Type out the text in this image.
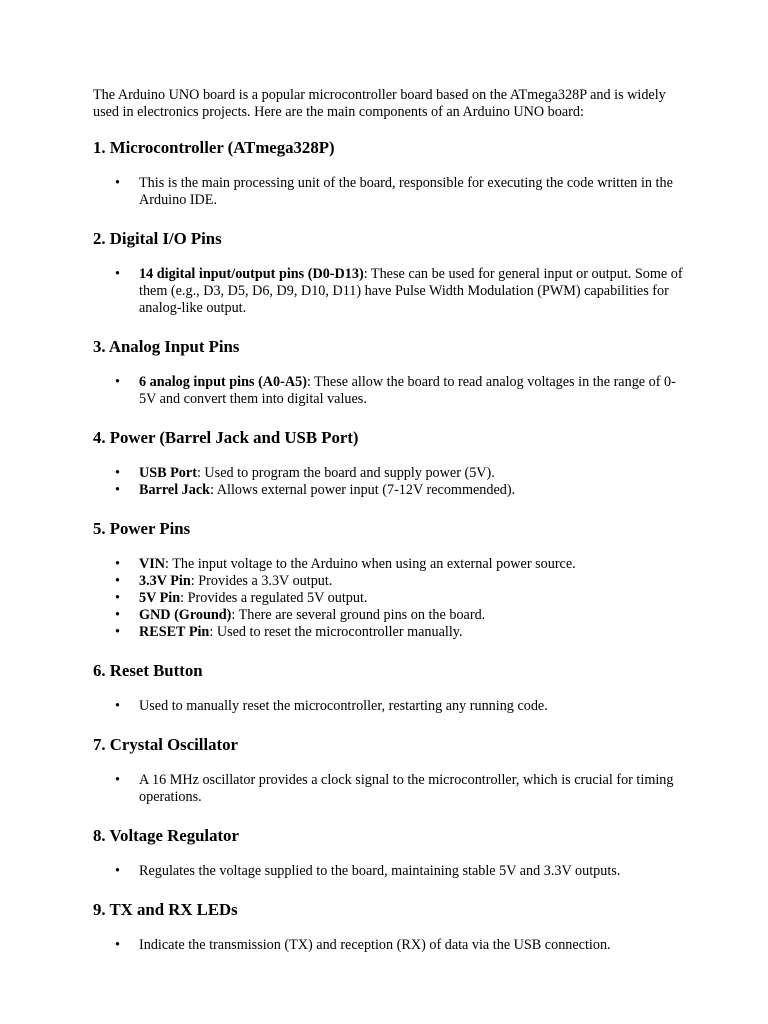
The Arduino UNO board is a popular microcontroller board based on the ATmega328P and is widely used in electronics projects. Here are the main components of an Arduino UNO board:

1. Microcontroller (ATmega328P)
• This is the main processing unit of the board, responsible for executing the code written in the Arduino IDE.
2. Digital I/O Pins
• 14 digital input/output pins (D0-D13): These can be used for general input or output. Some of them (e.g., D3, D5, D6, D9, D10, D11) have Pulse Width Modulation (PWM) capabilities for analog-like output.
3. Analog Input Pins
• 6 analog input pins (A0-A5): These allow the board to read analog voltages in the range of 0-5V and convert them into digital values.
4. Power (Barrel Jack and USB Port)
• USB Port: Used to program the board and supply power (5V).
• Barrel Jack: Allows external power input (7-12V recommended).
5. Power Pins
• VIN: The input voltage to the Arduino when using an external power source.
• 3.3V Pin: Provides a 3.3V output.
• 5V Pin: Provides a regulated 5V output.
• GND (Ground): There are several ground pins on the board.
• RESET Pin: Used to reset the microcontroller manually.
6. Reset Button
• Used to manually reset the microcontroller, restarting any running code.
7. Crystal Oscillator
• A 16 MHz oscillator provides a clock signal to the microcontroller, which is crucial for timing operations.
8. Voltage Regulator
• Regulates the voltage supplied to the board, maintaining stable 5V and 3.3V outputs.
9. TX and RX LEDs
• Indicate the transmission (TX) and reception (RX) of data via the USB connection.
